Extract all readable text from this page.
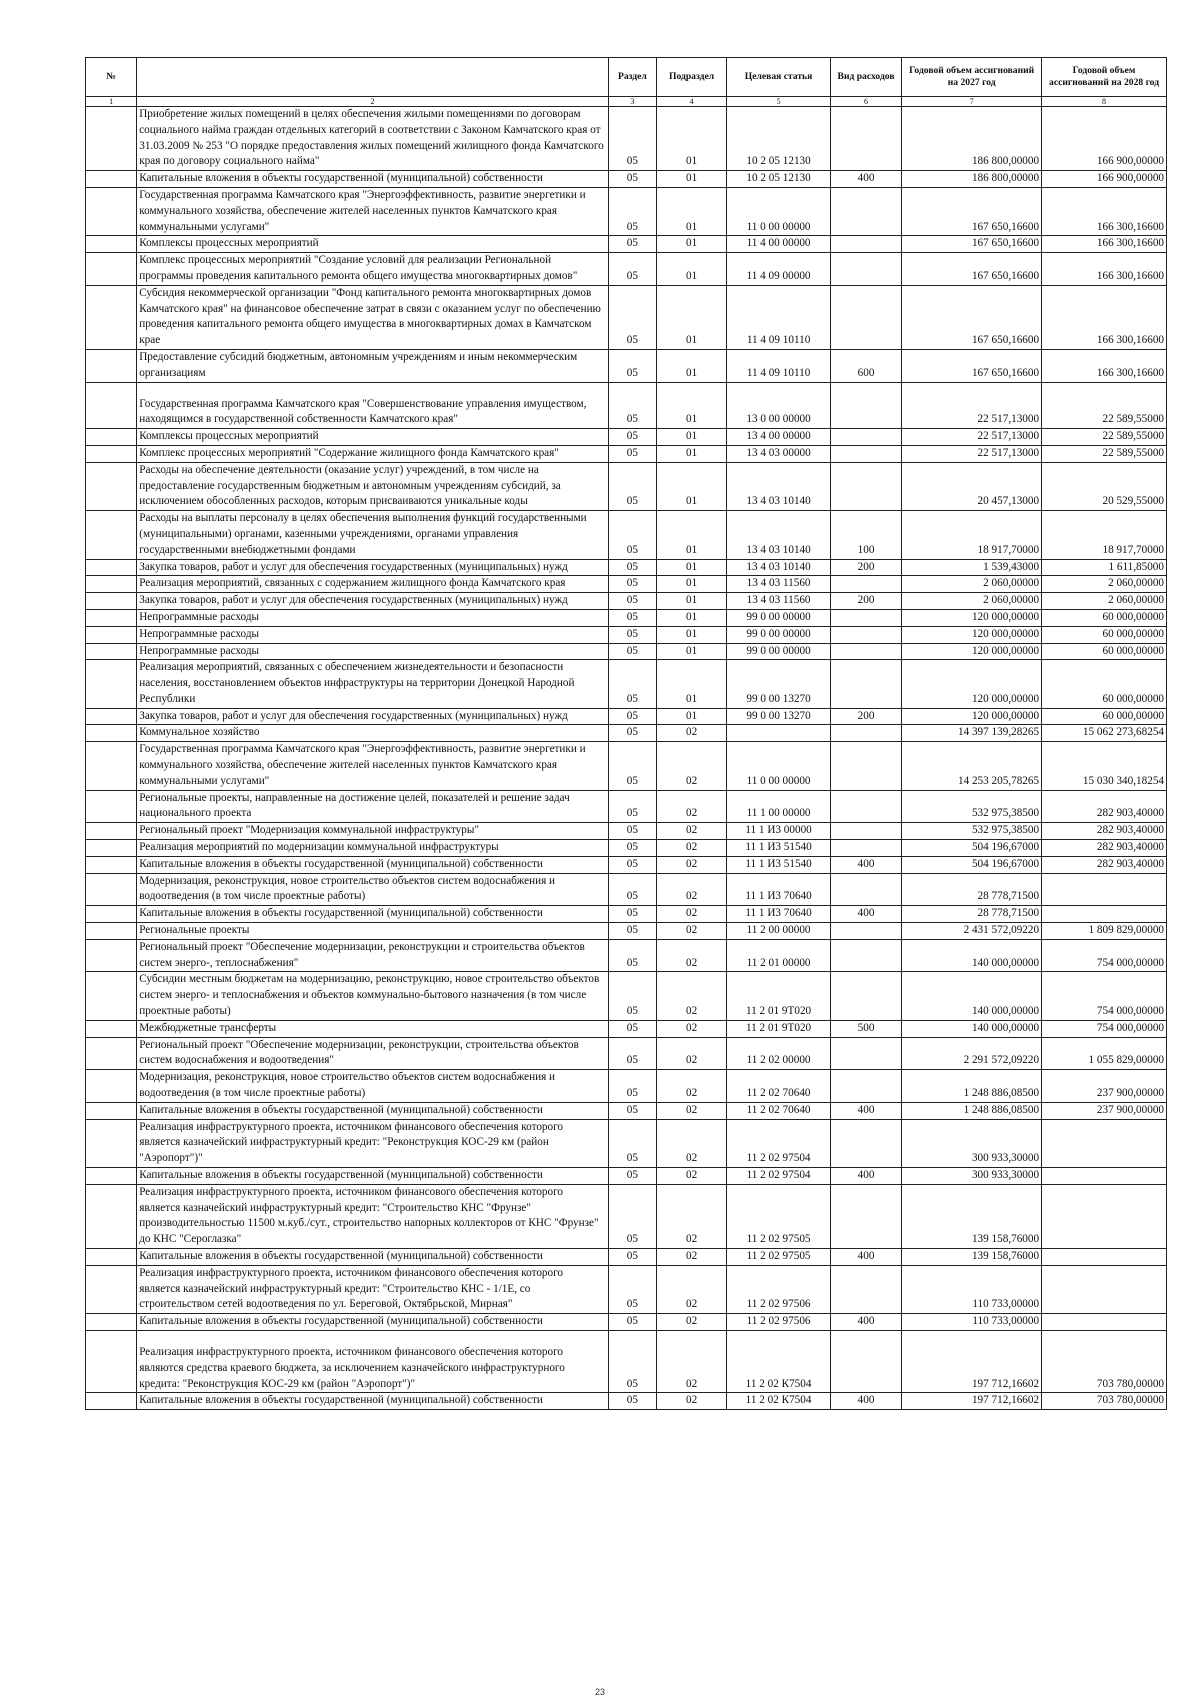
№		Раздел	Подраздел	Целевая статья	Вид расходов	Годовой объем ассигнований на 2027 год	Годовой объем ассигнований на 2028 год
1	2	3	4	5	6	7	8
	Приобретение жилых помещений в целях обеспечения жилыми помещениями по договорам социального найма граждан отдельных категорий в соответствии с Законом Камчатского края от 31.03.2009 № 253 "О порядке предоставления жилых помещений жилищного фонда Камчатского края по договору социального найма"	05	01	10 2 05 12130		186 800,00000	166 900,00000
	Капитальные вложения в объекты государственной (муниципальной) собственности	05	01	10 2 05 12130	400	186 800,00000	166 900,00000
	Государственная программа Камчатского края "Энергоэффективность, развитие энергетики и коммунального хозяйства, обеспечение жителей населенных пунктов Камчатского края коммунальными услугами"	05	01	11 0 00 00000		167 650,16600	166 300,16600
	Комплексы процессных мероприятий	05	01	11 4 00 00000		167 650,16600	166 300,16600
	Комплекс процессных мероприятий "Создание условий для реализации Региональной программы проведения капитального ремонта общего имущества многоквартирных домов"	05	01	11 4 09 00000		167 650,16600	166 300,16600
	Субсидия некоммерческой организации "Фонд капитального ремонта многоквартирных домов Камчатского края" на финансовое обеспечение затрат в связи с оказанием услуг по обеспечению проведения капитального ремонта общего имущества в многоквартирных домах в Камчатском крае	05	01	11 4 09 10110		167 650,16600	166 300,16600
	Предоставление субсидий бюджетным, автономным учреждениям и иным некоммерческим организациям	05	01	11 4 09 10110	600	167 650,16600	166 300,16600
	Государственная программа Камчатского края "Совершенствование управления имуществом, находящимся в государственной собственности Камчатского края"	05	01	13 0 00 00000		22 517,13000	22 589,55000
	Комплексы процессных мероприятий	05	01	13 4 00 00000		22 517,13000	22 589,55000
	Комплекс процессных мероприятий "Содержание жилищного фонда Камчатского края"	05	01	13 4 03 00000		22 517,13000	22 589,55000
	Расходы на обеспечение деятельности (оказание услуг) учреждений, в том числе на предоставление государственным бюджетным и автономным учреждениям субсидий, за исключением обособленных расходов, которым присваиваются уникальные коды	05	01	13 4 03 10140		20 457,13000	20 529,55000
	Расходы на выплаты персоналу в целях обеспечения выполнения функций государственными (муниципальными) органами, казенными учреждениями, органами управления государственными внебюджетными фондами	05	01	13 4 03 10140	100	18 917,70000	18 917,70000
	Закупка товаров, работ и услуг для обеспечения государственных (муниципальных) нужд	05	01	13 4 03 10140	200	1 539,43000	1 611,85000
	Реализация мероприятий, связанных с содержанием жилищного фонда Камчатского края	05	01	13 4 03 11560		2 060,00000	2 060,00000
	Закупка товаров, работ и услуг для обеспечения государственных (муниципальных) нужд	05	01	13 4 03 11560	200	2 060,00000	2 060,00000
	Непрограммные расходы	05	01	99 0 00 00000		120 000,00000	60 000,00000
	Непрограммные расходы	05	01	99 0 00 00000		120 000,00000	60 000,00000
	Непрограммные расходы	05	01	99 0 00 00000		120 000,00000	60 000,00000
	Реализация мероприятий, связанных с обеспечением жизнедеятельности и безопасности населения, восстановлением объектов инфраструктуры на территории Донецкой Народной Республики	05	01	99 0 00 13270		120 000,00000	60 000,00000
	Закупка товаров, работ и услуг для обеспечения государственных (муниципальных) нужд	05	01	99 0 00 13270	200	120 000,00000	60 000,00000
	Коммунальное хозяйство	05	02			14 397 139,28265	15 062 273,68254
	Государственная программа Камчатского края "Энергоэффективность, развитие энергетики и коммунального хозяйства, обеспечение жителей населенных пунктов Камчатского края коммунальными услугами"	05	02	11 0 00 00000		14 253 205,78265	15 030 340,18254
	Региональные проекты, направленные на достижение целей, показателей и решение задач национального проекта	05	02	11 1 00 00000		532 975,38500	282 903,40000
	Региональный проект "Модернизация коммунальной инфраструктуры"	05	02	11 1 И3 00000		532 975,38500	282 903,40000
	Реализация мероприятий по модернизации коммунальной инфраструктуры	05	02	11 1 И3 51540		504 196,67000	282 903,40000
	Капитальные вложения в объекты государственной (муниципальной) собственности	05	02	11 1 И3 51540	400	504 196,67000	282 903,40000
	Модернизация, реконструкция, новое строительство объектов систем водоснабжения и водоотведения (в том числе проектные работы)	05	02	11 1 И3 70640		28 778,71500	
	Капитальные вложения в объекты государственной (муниципальной) собственности	05	02	11 1 И3 70640	400	28 778,71500	
	Региональные проекты	05	02	11 2 00 00000		2 431 572,09220	1 809 829,00000
	Региональный проект "Обеспечение модернизации, реконструкции и строительства объектов систем энерго-, теплоснабжения"	05	02	11 2 01 00000		140 000,00000	754 000,00000
	Субсидии местным бюджетам на модернизацию, реконструкцию, новое строительство объектов систем энерго- и теплоснабжения и объектов коммунально-бытового назначения (в том числе проектные работы)	05	02	11 2 01 9Т020		140 000,00000	754 000,00000
	Межбюджетные трансферты	05	02	11 2 01 9Т020	500	140 000,00000	754 000,00000
	Региональный проект "Обеспечение модернизации, реконструкции, строительства объектов систем водоснабжения и водоотведения"	05	02	11 2 02 00000		2 291 572,09220	1 055 829,00000
	Модернизация, реконструкция, новое строительство объектов систем водоснабжения и водоотведения (в том числе проектные работы)	05	02	11 2 02 70640		1 248 886,08500	237 900,00000
	Капитальные вложения в объекты государственной (муниципальной) собственности	05	02	11 2 02 70640	400	1 248 886,08500	237 900,00000
	Реализация инфраструктурного проекта, источником финансового обеспечения которого является казначейский инфраструктурный кредит: "Реконструкция КОС-29 км (район "Аэропорт")"	05	02	11 2 02 97504		300 933,30000	
	Капитальные вложения в объекты государственной (муниципальной) собственности	05	02	11 2 02 97504	400	300 933,30000	
	Реализация инфраструктурного проекта, источником финансового обеспечения которого является казначейский инфраструктурный кредит: "Строительство КНС "Фрунзе" производительностью 11500 м.куб./сут., строительство напорных коллекторов от КНС "Фрунзе" до КНС "Сероглазка"	05	02	11 2 02 97505		139 158,76000	
	Капитальные вложения в объекты государственной (муниципальной) собственности	05	02	11 2 02 97505	400	139 158,76000	
	Реализация инфраструктурного проекта, источником финансового обеспечения которого является казначейский инфраструктурный кредит: "Строительство КНС - 1/1Е, со строительством сетей водоотведения по ул. Береговой, Октябрьской, Мирная"	05	02	11 2 02 97506		110 733,00000	
	Капитальные вложения в объекты государственной (муниципальной) собственности	05	02	11 2 02 97506	400	110 733,00000	
	Реализация инфраструктурного проекта, источником финансового обеспечения которого являются средства краевого бюджета, за исключением казначейского инфраструктурного кредита: "Реконструкция КОС-29 км (район "Аэропорт")"	05	02	11 2 02 К7504		197 712,16602	703 780,00000
	Капитальные вложения в объекты государственной (муниципальной) собственности	05	02	11 2 02 К7504	400	197 712,16602	703 780,00000
23
